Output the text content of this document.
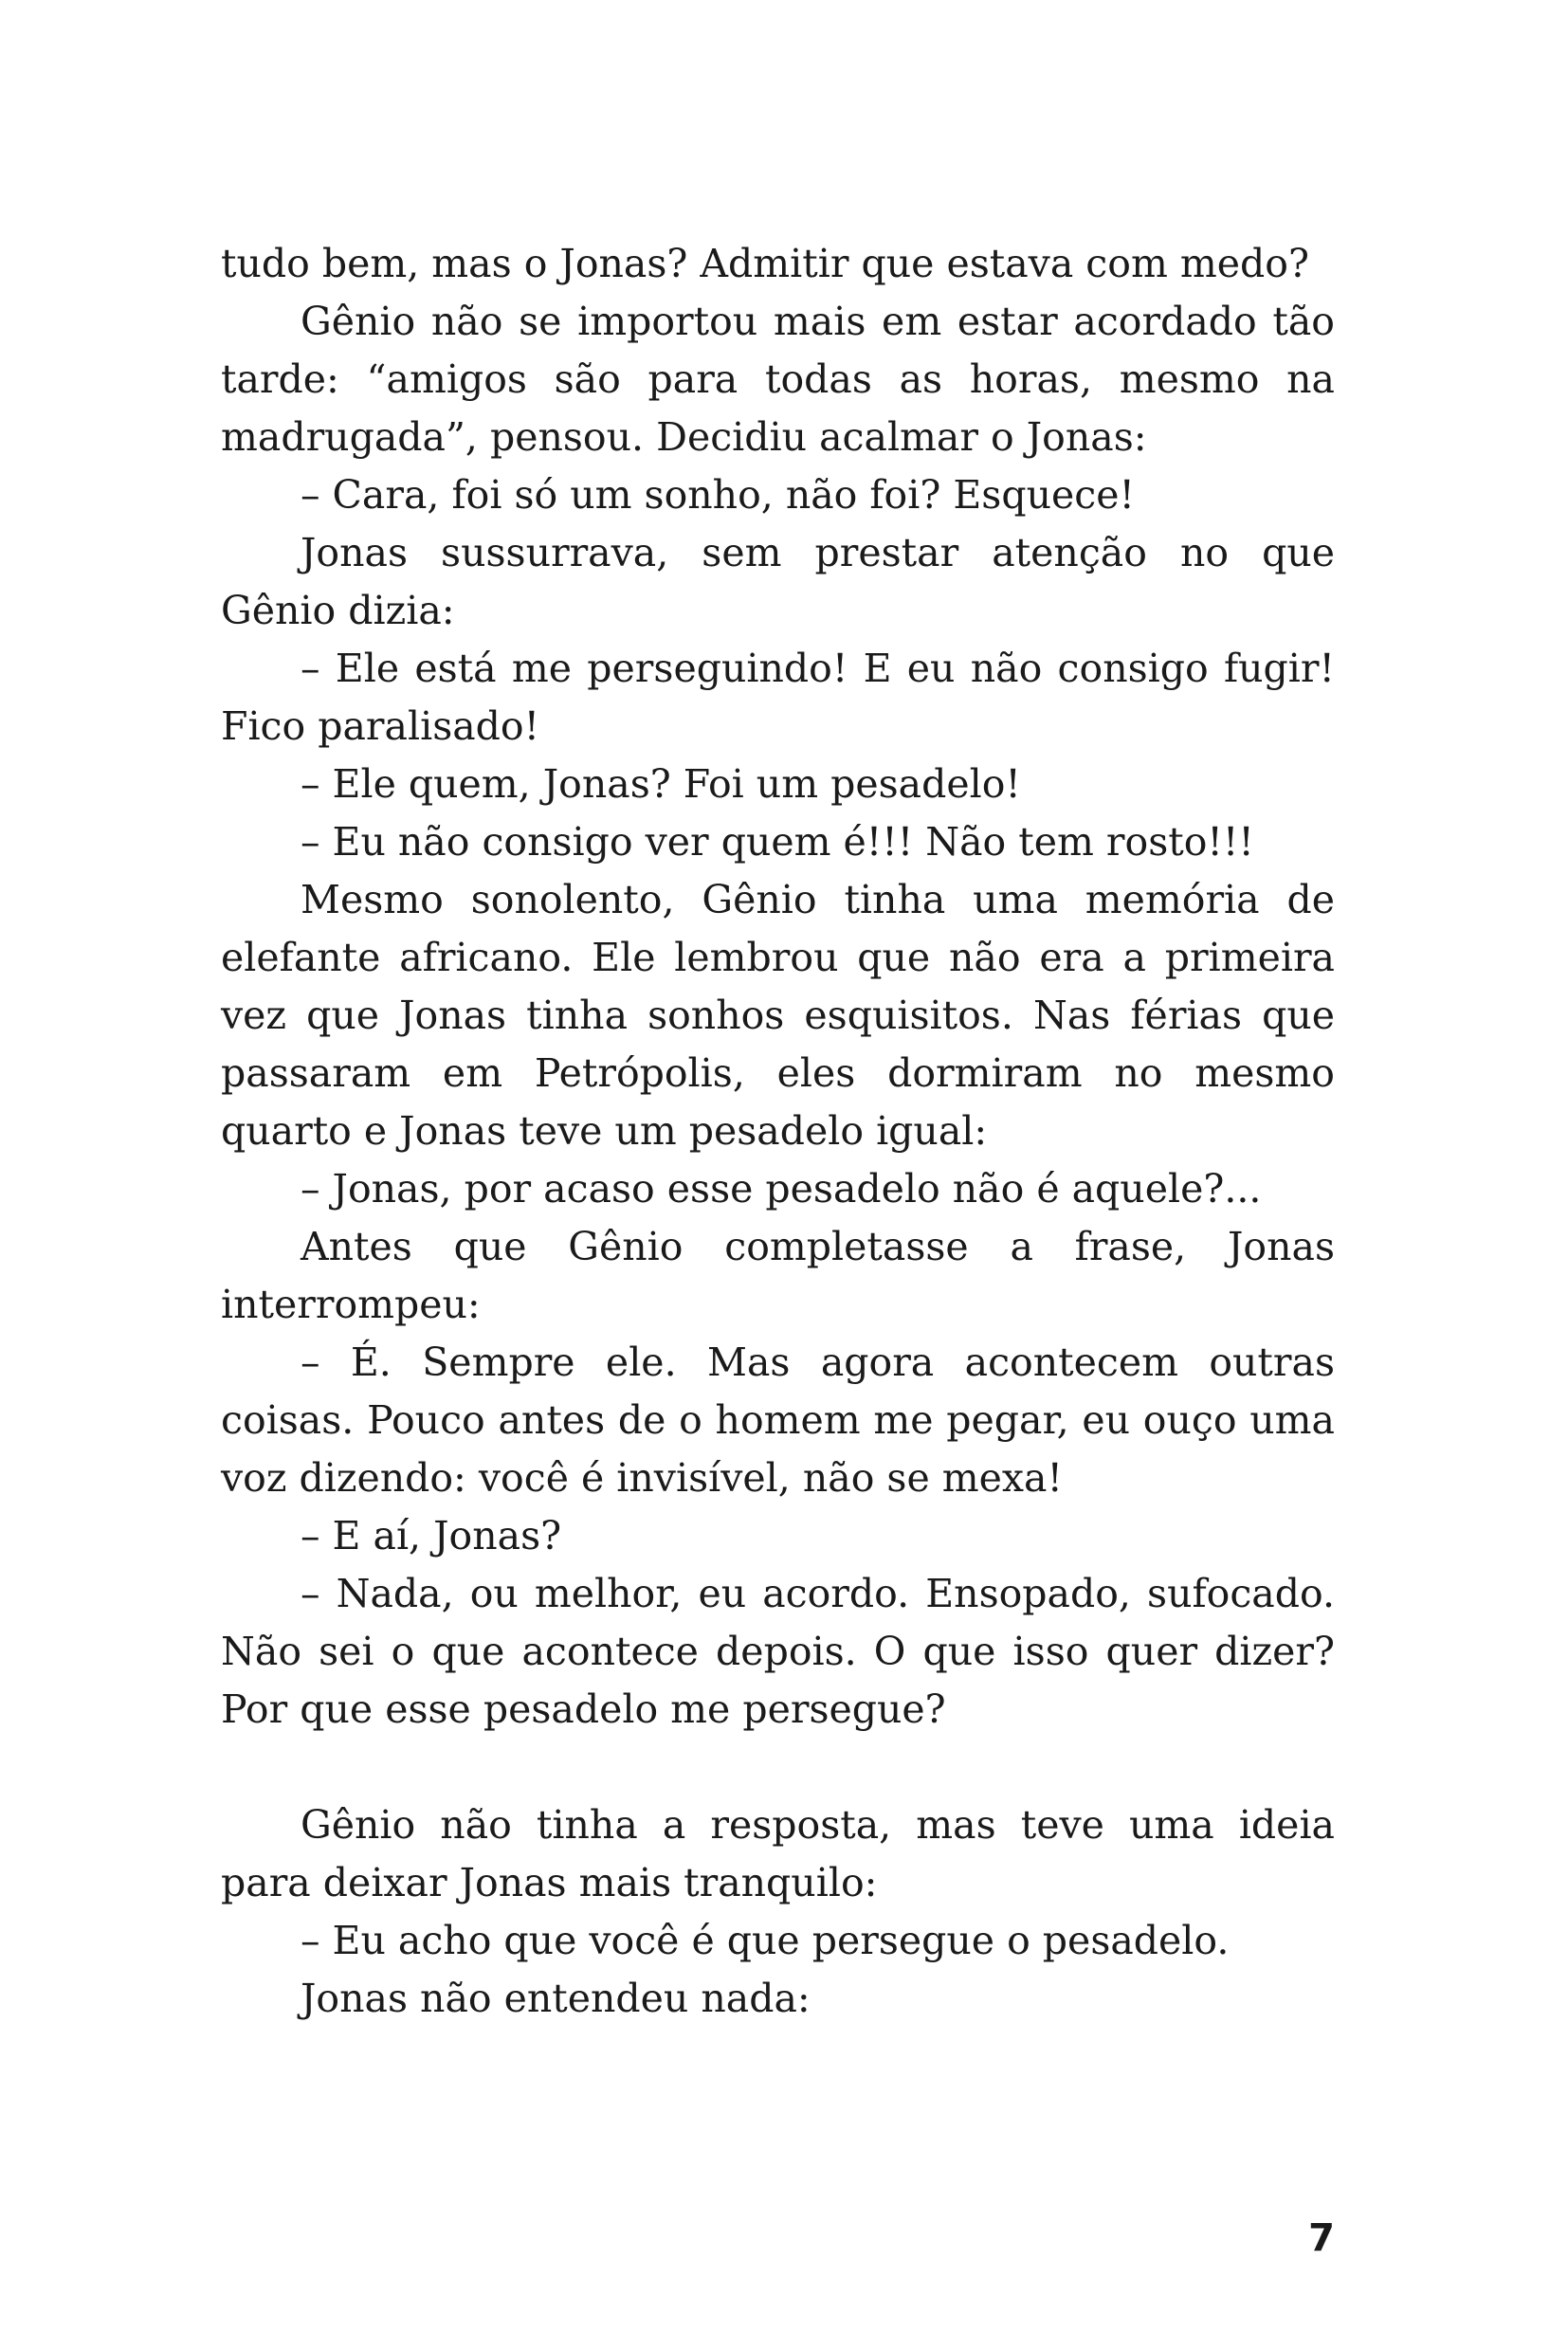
tudo bem, mas o Jonas? Admitir que estava com medo?

Gênio não se importou mais em estar acordado tão tarde: “amigos são para todas as horas, mesmo na madrugada”, pensou. Decidiu acalmar o Jonas:

– Cara, foi só um sonho, não foi? Esquece!

Jonas sussurrava, sem prestar atenção no que Gênio dizia:

– Ele está me perseguindo! E eu não consigo fugir! Fico paralisado!

– Ele quem, Jonas? Foi um pesadelo!

– Eu não consigo ver quem é!!! Não tem rosto!!!

Mesmo sonolento, Gênio tinha uma memória de elefante africano. Ele lembrou que não era a primeira vez que Jonas tinha sonhos esquisitos. Nas férias que passaram em Petrópolis, eles dormiram no mesmo quarto e Jonas teve um pesadelo igual:

– Jonas, por acaso esse pesadelo não é aquele?...

Antes que Gênio completasse a frase, Jonas interrompeu:

– É. Sempre ele. Mas agora acontecem outras coisas. Pouco antes de o homem me pegar, eu ouço uma voz dizendo: você é invisível, não se mexa!

– E aí, Jonas?

– Nada, ou melhor, eu acordo. Ensopado, sufocado. Não sei o que acontece depois. O que isso quer dizer? Por que esse pesadelo me persegue?

Gênio não tinha a resposta, mas teve uma ideia para deixar Jonas mais tranquilo:

– Eu acho que você é que persegue o pesadelo.

Jonas não entendeu nada:

7
